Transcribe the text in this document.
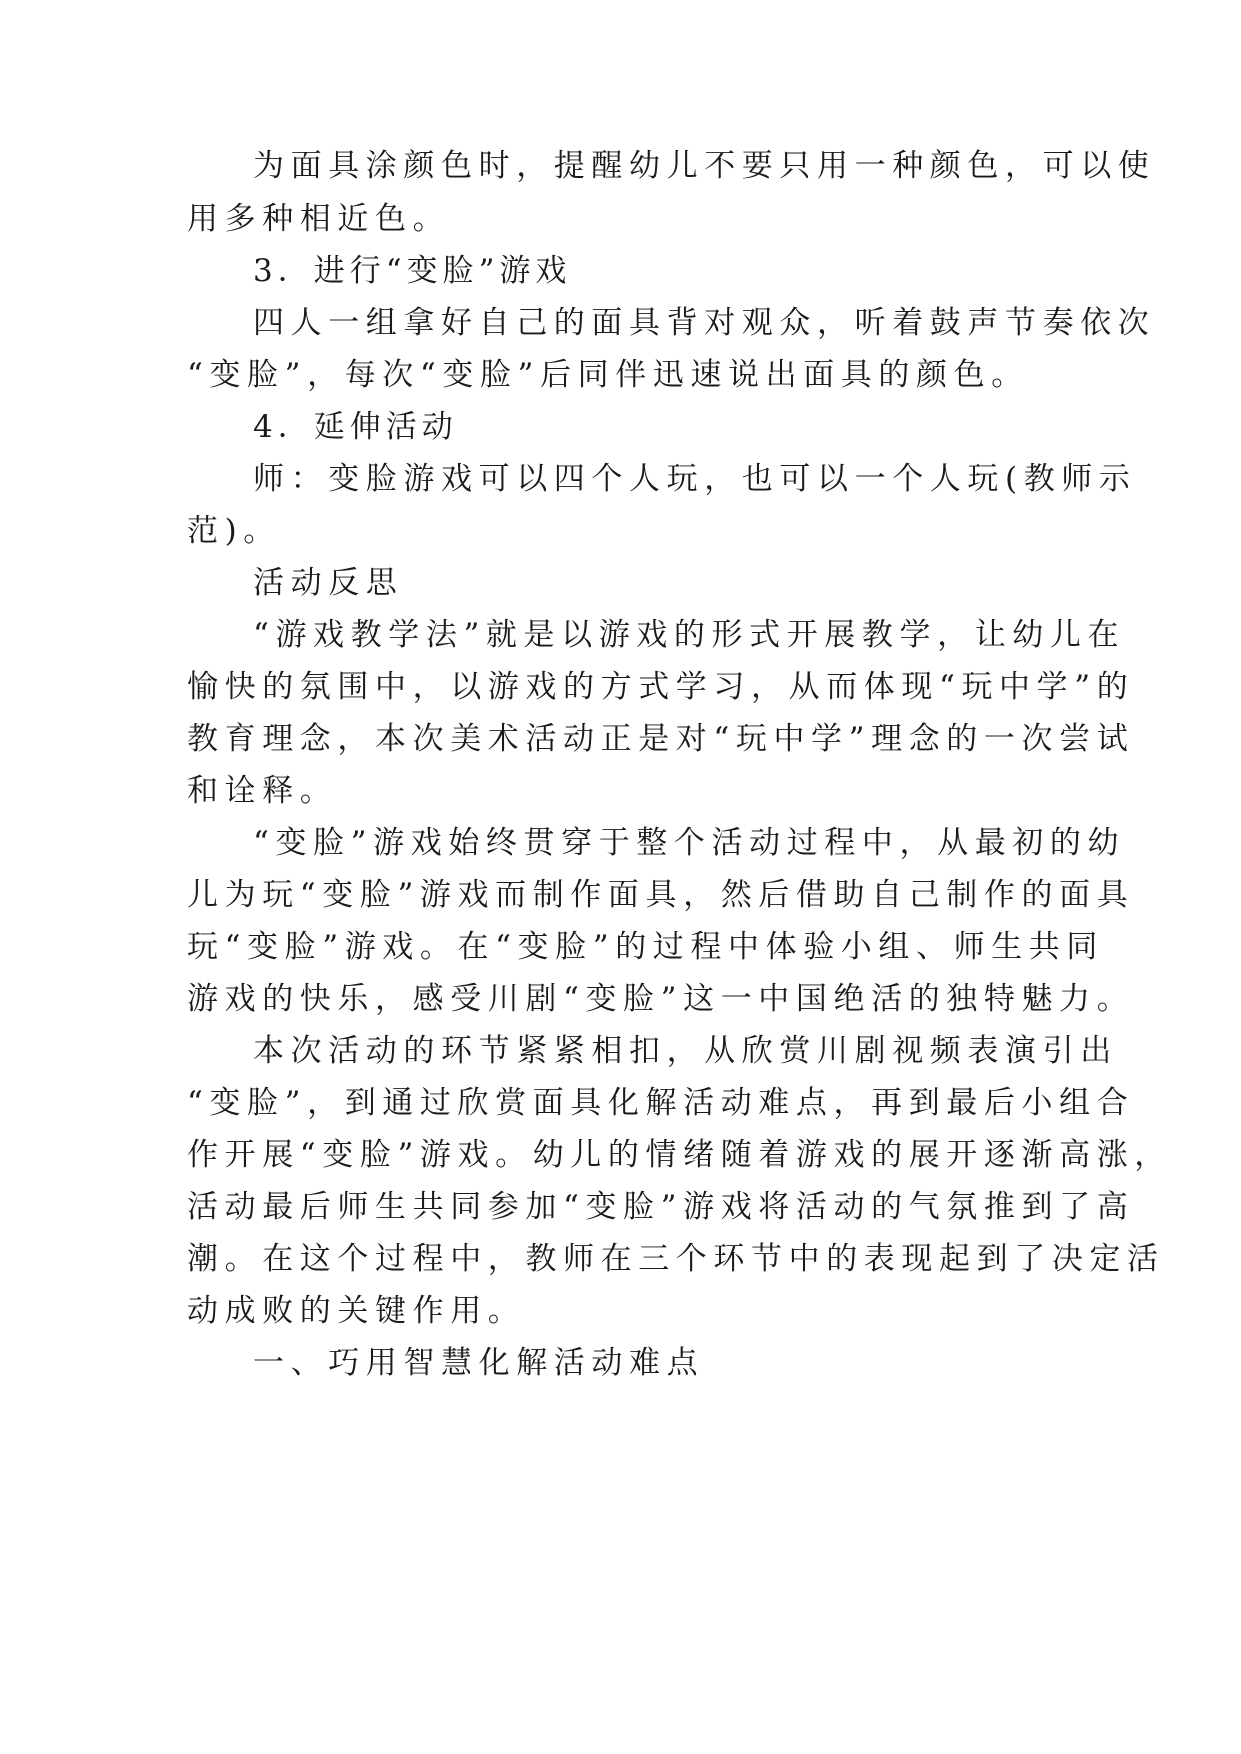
为面具涂颜色时，提醒幼儿不要只用一种颜色，可以使
用多种相近色。
3．进行“变脸”游戏
四人一组拿好自己的面具背对观众，听着鼓声节奏依次
“变脸”，每次“变脸”后同伴迅速说出面具的颜色。
4．延伸活动
师：变脸游戏可以四个人玩，也可以一个人玩(教师示
范)。
活动反思
“游戏教学法”就是以游戏的形式开展教学，让幼儿在
愉快的氛围中，以游戏的方式学习，从而体现“玩中学”的
教育理念，本次美术活动正是对“玩中学”理念的一次尝试
和诠释。
“变脸”游戏始终贯穿于整个活动过程中，从最初的幼
儿为玩“变脸”游戏而制作面具，然后借助自己制作的面具
玩“变脸”游戏。在“变脸”的过程中体验小组、师生共同
游戏的快乐，感受川剧“变脸”这一中国绝活的独特魅力。
本次活动的环节紧紧相扣，从欣赏川剧视频表演引出
“变脸”，到通过欣赏面具化解活动难点，再到最后小组合
作开展“变脸”游戏。幼儿的情绪随着游戏的展开逐渐高涨，
活动最后师生共同参加“变脸”游戏将活动的气氛推到了高
潮。在这个过程中，教师在三个环节中的表现起到了决定活
动成败的关键作用。
一、巧用智慧化解活动难点
